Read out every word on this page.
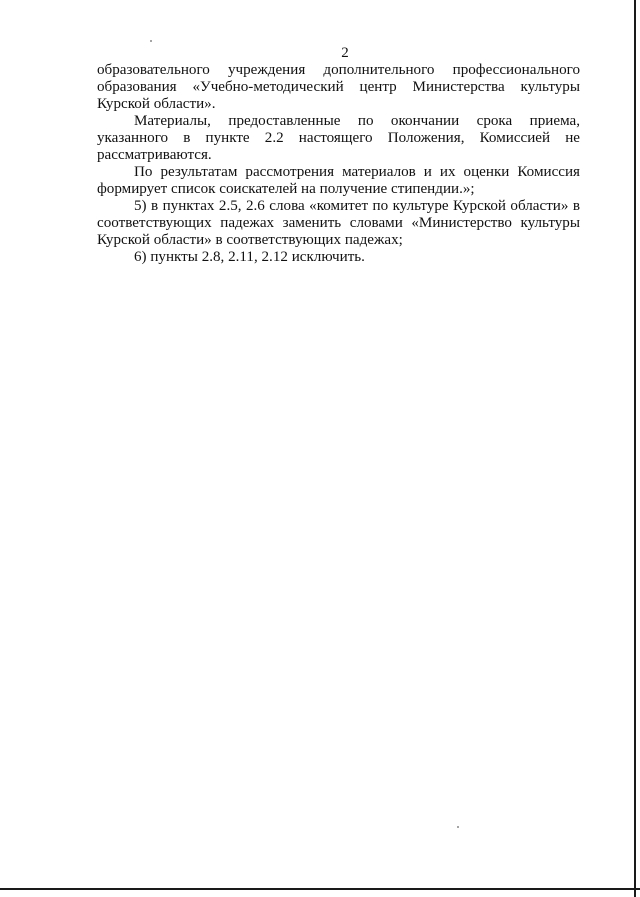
2
образовательного учреждения дополнительного профессионального
образования «Учебно-методический центр Министерства культуры
Курской области».
Материалы, предоставленные по окончании срока приема,
указанного в пункте 2.2 настоящего Положения, Комиссией не
рассматриваются.
По результатам рассмотрения материалов и их оценки Комиссия
формирует список соискателей на получение стипендии.»;
5) в пунктах 2.5, 2.6 слова «комитет по культуре Курской области» в
соответствующих падежах заменить словами «Министерство культуры
Курской области» в соответствующих падежах;
6) пункты 2.8, 2.11, 2.12 исключить.
